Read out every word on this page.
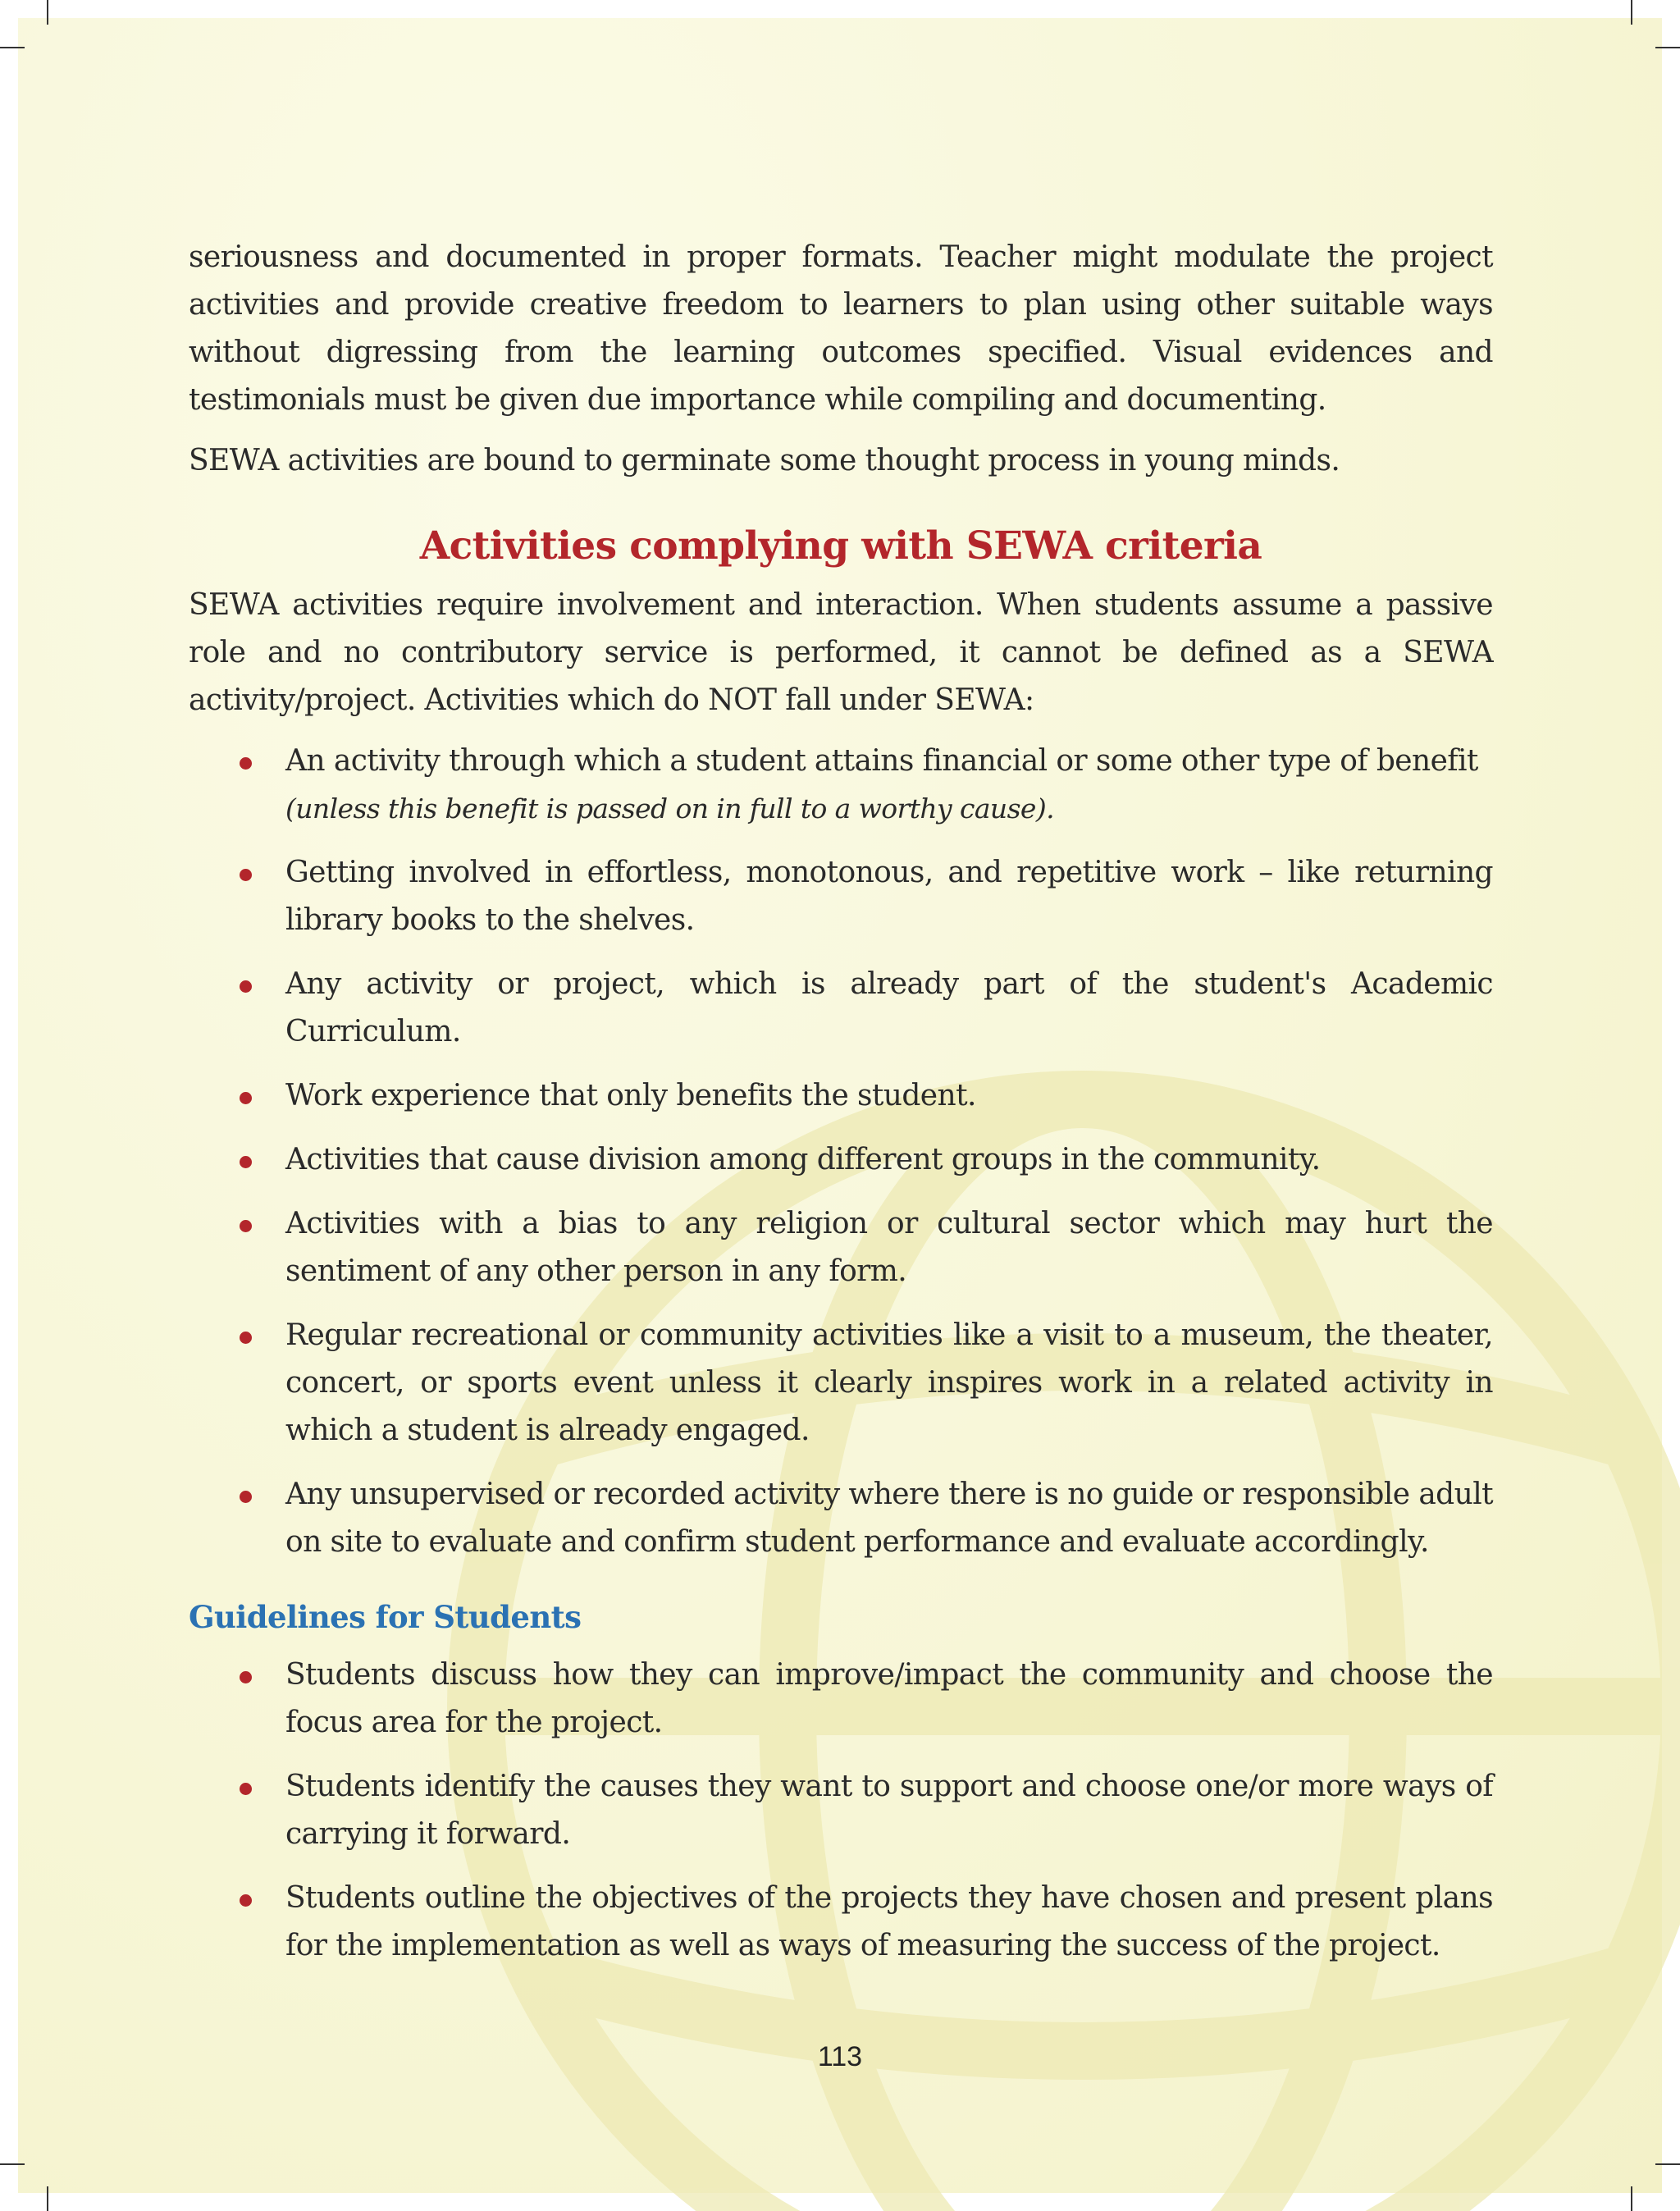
seriousness and documented in proper formats. Teacher might modulate the project activities and provide creative freedom to learners to plan using other suitable ways without digressing from the learning outcomes specified. Visual evidences and testimonials must be given due importance while compiling and documenting.

SEWA activities are bound to germinate some thought process in young minds.

Activities complying with SEWA criteria

SEWA activities require involvement and interaction. When students assume a passive role and no contributory service is performed, it cannot be defined as a SEWA activity/project. Activities which do NOT fall under SEWA:

An activity through which a student attains financial or some other type of benefit
(unless this benefit is passed on in full to a worthy cause).
Getting involved in effortless, monotonous, and repetitive work – like returning library books to the shelves.
Any activity or project, which is already part of the student's Academic Curriculum.
Work experience that only benefits the student.
Activities that cause division among different groups in the community.
Activities with a bias to any religion or cultural sector which may hurt the sentiment of any other person in any form.
Regular recreational or community activities like a visit to a museum, the theater, concert, or sports event unless it clearly inspires work in a related activity in which a student is already engaged.
Any unsupervised or recorded activity where there is no guide or responsible adult on site to evaluate and confirm student performance and evaluate accordingly.
Guidelines for Students
Students discuss how they can improve/impact the community and choose the focus area for the project.
Students identify the causes they want to support and choose one/or more ways of carrying it forward.
Students outline the objectives of the projects they have chosen and present plans for the implementation as well as ways of measuring the success of the project.
113
